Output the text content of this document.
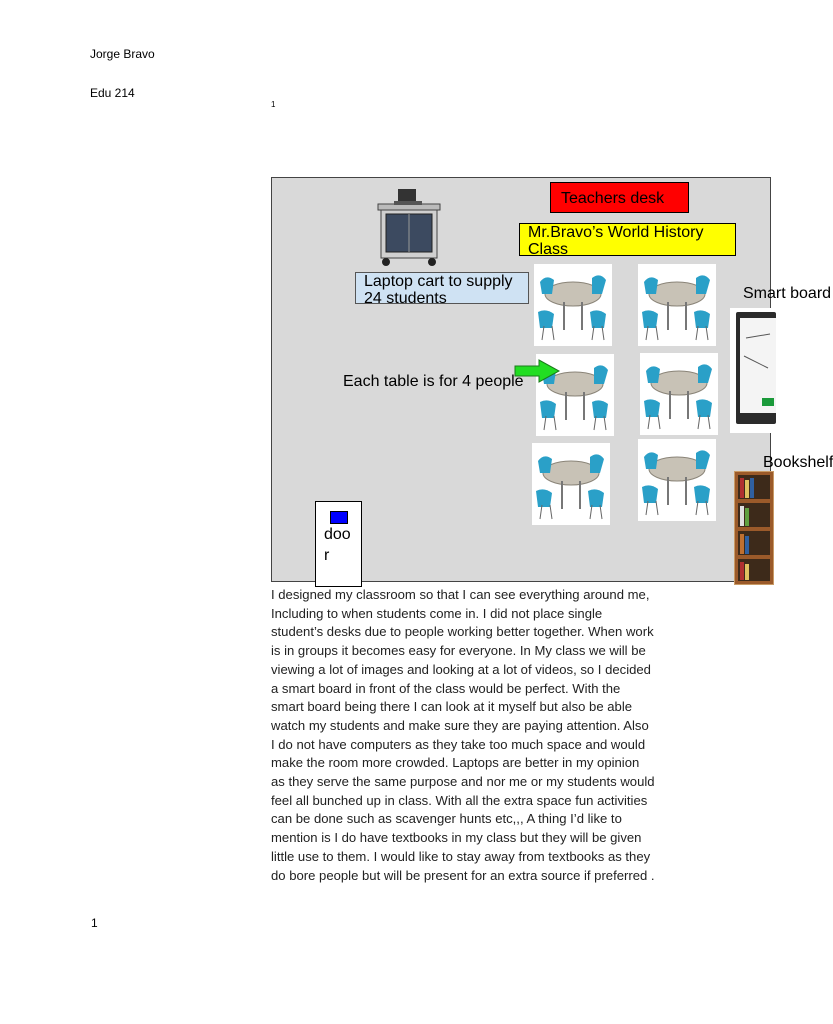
Jorge Bravo
Edu 214
1
Teachers desk
Mr.Bravo’s World History Class
Laptop cart to supply 24 students
Each table is for 4 people
Smart board
Bookshelf
door
I designed my classroom so that I can see everything around me,
Including to when students come in. I did not place single
student’s desks due to people working better together. When work
is in groups it becomes easy for everyone. In My class we will be
viewing a lot of images and looking at a lot of videos, so I decided
a smart board in front of the class would be perfect. With the
smart board being there I can look at it myself but also be able
watch my students and make sure they are paying attention. Also
I do not have computers as they take too much space and would
make the room more crowded. Laptops are better in my opinion
as they serve the same purpose and nor me or my students would
feel all bunched up in class. With all the extra space fun activities
can be done such as scavenger hunts etc,,, A thing I’d like to
mention is I do have textbooks in my class but they will be given
little use to them. I would like to stay away from textbooks as they
do bore people but will be present for an extra source if preferred .
1
